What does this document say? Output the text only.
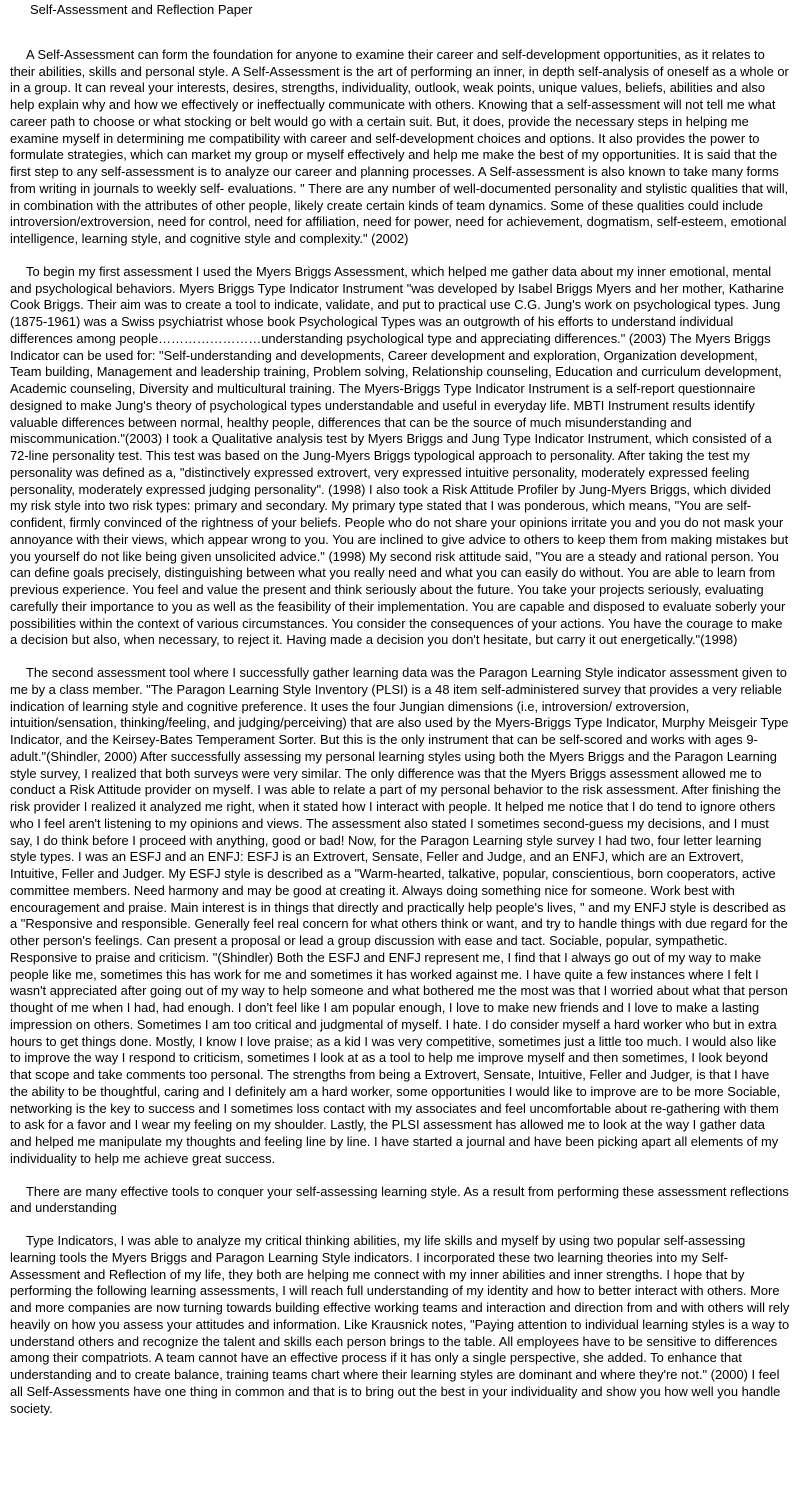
Self-Assessment and Reflection Paper

A Self-Assessment can form the foundation for anyone to examine their career and self-development opportunities, as it relates to their abilities, skills and personal style. A Self-Assessment is the art of performing an inner, in depth self-analysis of oneself as a whole or in a group. It can reveal your interests, desires, strengths, individuality, outlook, weak points, unique values, beliefs, abilities and also help explain why and how we effectively or ineffectually communicate with others. Knowing that a self-assessment will not tell me what career path to choose or what stocking or belt would go with a certain suit. But, it does, provide the necessary steps in helping me examine myself in determining me compatibility with career and self-development choices and options. It also provides the power to formulate strategies, which can market my group or myself effectively and help me make the best of my opportunities. It is said that the first step to any self-assessment is to analyze our career and planning processes. A Self-assessment is also known to take many forms from writing in journals to weekly self- evaluations. " There are any number of well-documented personality and stylistic qualities that will, in combination with the attributes of other people, likely create certain kinds of team dynamics. Some of these qualities could include introversion/extroversion, need for control, need for affiliation, need for power, need for achievement, dogmatism, self-esteem, emotional intelligence, learning style, and cognitive style and complexity." (2002)

To begin my first assessment I used the Myers Briggs Assessment, which helped me gather data about my inner emotional, mental and psychological behaviors. Myers Briggs Type Indicator Instrument "was developed by Isabel Briggs Myers and her mother, Katharine Cook Briggs. Their aim was to create a tool to indicate, validate, and put to practical use C.G. Jung's work on psychological types. Jung (1875-1961) was a Swiss psychiatrist whose book Psychological Types was an outgrowth of his efforts to understand individual differences among people……………………understanding psychological type and appreciating differences." (2003) The Myers Briggs Indicator can be used for: "Self-understanding and developments, Career development and exploration, Organization development, Team building, Management and leadership training, Problem solving, Relationship counseling, Education and curriculum development, Academic counseling, Diversity and multicultural training. The Myers-Briggs Type Indicator Instrument is a self-report questionnaire designed to make Jung's theory of psychological types understandable and useful in everyday life. MBTI Instrument results identify valuable differences between normal, healthy people, differences that can be the source of much misunderstanding and miscommunication."(2003) I took a Qualitative analysis test by Myers Briggs and Jung Type Indicator Instrument, which consisted of a 72-line personality test. This test was based on the Jung-Myers Briggs typological approach to personality. After taking the test my personality was defined as a, "distinctively expressed extrovert, very expressed intuitive personality, moderately expressed feeling personality, moderately expressed judging personality". (1998) I also took a Risk Attitude Profiler by Jung-Myers Briggs, which divided my risk style into two risk types: primary and secondary. My primary type stated that I was ponderous, which means, "You are self-confident, firmly convinced of the rightness of your beliefs. People who do not share your opinions irritate you and you do not mask your annoyance with their views, which appear wrong to you. You are inclined to give advice to others to keep them from making mistakes but you yourself do not like being given unsolicited advice." (1998) My second risk attitude said, "You are a steady and rational person. You can define goals precisely, distinguishing between what you really need and what you can easily do without. You are able to learn from previous experience. You feel and value the present and think seriously about the future. You take your projects seriously, evaluating carefully their importance to you as well as the feasibility of their implementation. You are capable and disposed to evaluate soberly your possibilities within the context of various circumstances. You consider the consequences of your actions. You have the courage to make a decision but also, when necessary, to reject it. Having made a decision you don't hesitate, but carry it out energetically."(1998)

The second assessment tool where I successfully gather learning data was the Paragon Learning Style indicator assessment given to me by a class member. "The Paragon Learning Style Inventory (PLSI) is a 48 item self-administered survey that provides a very reliable indication of learning style and cognitive preference. It uses the four Jungian dimensions (i.e, introversion/ extroversion, intuition/sensation, thinking/feeling, and judging/perceiving) that are also used by the Myers-Briggs Type Indicator, Murphy Meisgeir Type Indicator, and the Keirsey-Bates Temperament Sorter. But this is the only instrument that can be self-scored and works with ages 9-adult."(Shindler, 2000) After successfully assessing my personal learning styles using both the Myers Briggs and the Paragon Learning style survey, I realized that both surveys were very similar. The only difference was that the Myers Briggs assessment allowed me to conduct a Risk Attitude provider on myself. I was able to relate a part of my personal behavior to the risk assessment. After finishing the risk provider I realized it analyzed me right, when it stated how I interact with people. It helped me notice that I do tend to ignore others who I feel aren't listening to my opinions and views. The assessment also stated I sometimes second-guess my decisions, and I must say, I do think before I proceed with anything, good or bad! Now, for the Paragon Learning style survey I had two, four letter learning style types. I was an ESFJ and an ENFJ: ESFJ is an Extrovert, Sensate, Feller and Judge, and an ENFJ, which are an Extrovert, Intuitive, Feller and Judger. My ESFJ style is described as a "Warm-hearted, talkative, popular, conscientious, born cooperators, active committee members. Need harmony and may be good at creating it. Always doing something nice for someone. Work best with encouragement and praise. Main interest is in things that directly and practically help people's lives, " and my ENFJ style is described as a "Responsive and responsible. Generally feel real concern for what others think or want, and try to handle things with due regard for the other person's feelings. Can present a proposal or lead a group discussion with ease and tact. Sociable, popular, sympathetic. Responsive to praise and criticism. "(Shindler) Both the ESFJ and ENFJ represent me, I find that I always go out of my way to make people like me, sometimes this has work for me and sometimes it has worked against me. I have quite a few instances where I felt I wasn't appreciated after going out of my way to help someone and what bothered me the most was that I worried about what that person thought of me when I had, had enough. I don't feel like I am popular enough, I love to make new friends and I love to make a lasting impression on others. Sometimes I am too critical and judgmental of myself. I hate. I do consider myself a hard worker who but in extra hours to get things done. Mostly, I know I love praise; as a kid I was very competitive, sometimes just a little too much. I would also like to improve the way I respond to criticism, sometimes I look at as a tool to help me improve myself and then sometimes, I look beyond that scope and take comments too personal. The strengths from being a Extrovert, Sensate, Intuitive, Feller and Judger, is that I have the ability to be thoughtful, caring and I definitely am a hard worker, some opportunities I would like to improve are to be more Sociable, networking is the key to success and I sometimes loss contact with my associates and feel uncomfortable about re-gathering with them to ask for a favor and I wear my feeling on my shoulder. Lastly, the PLSI assessment has allowed me to look at the way I gather data and helped me manipulate my thoughts and feeling line by line. I have started a journal and have been picking apart all elements of my individuality to help me achieve great success.

There are many effective tools to conquer your self-assessing learning style. As a result from performing these assessment reflections and understanding

Type Indicators, I was able to analyze my critical thinking abilities, my life skills and myself by using two popular self-assessing learning tools the Myers Briggs and Paragon Learning Style indicators. I incorporated these two learning theories into my Self-Assessment and Reflection of my life, they both are helping me connect with my inner abilities and inner strengths. I hope that by performing the following learning assessments, I will reach full understanding of my identity and how to better interact with others. More and more companies are now turning towards building effective working teams and interaction and direction from and with others will rely heavily on how you assess your attitudes and information. Like Krausnick notes, "Paying attention to individual learning styles is a way to understand others and recognize the talent and skills each person brings to the table. All employees have to be sensitive to differences among their compatriots. A team cannot have an effective process if it has only a single perspective, she added. To enhance that understanding and to create balance, training teams chart where their learning styles are dominant and where they're not." (2000) I feel all Self-Assessments have one thing in common and that is to bring out the best in your individuality and show you how well you handle society.
